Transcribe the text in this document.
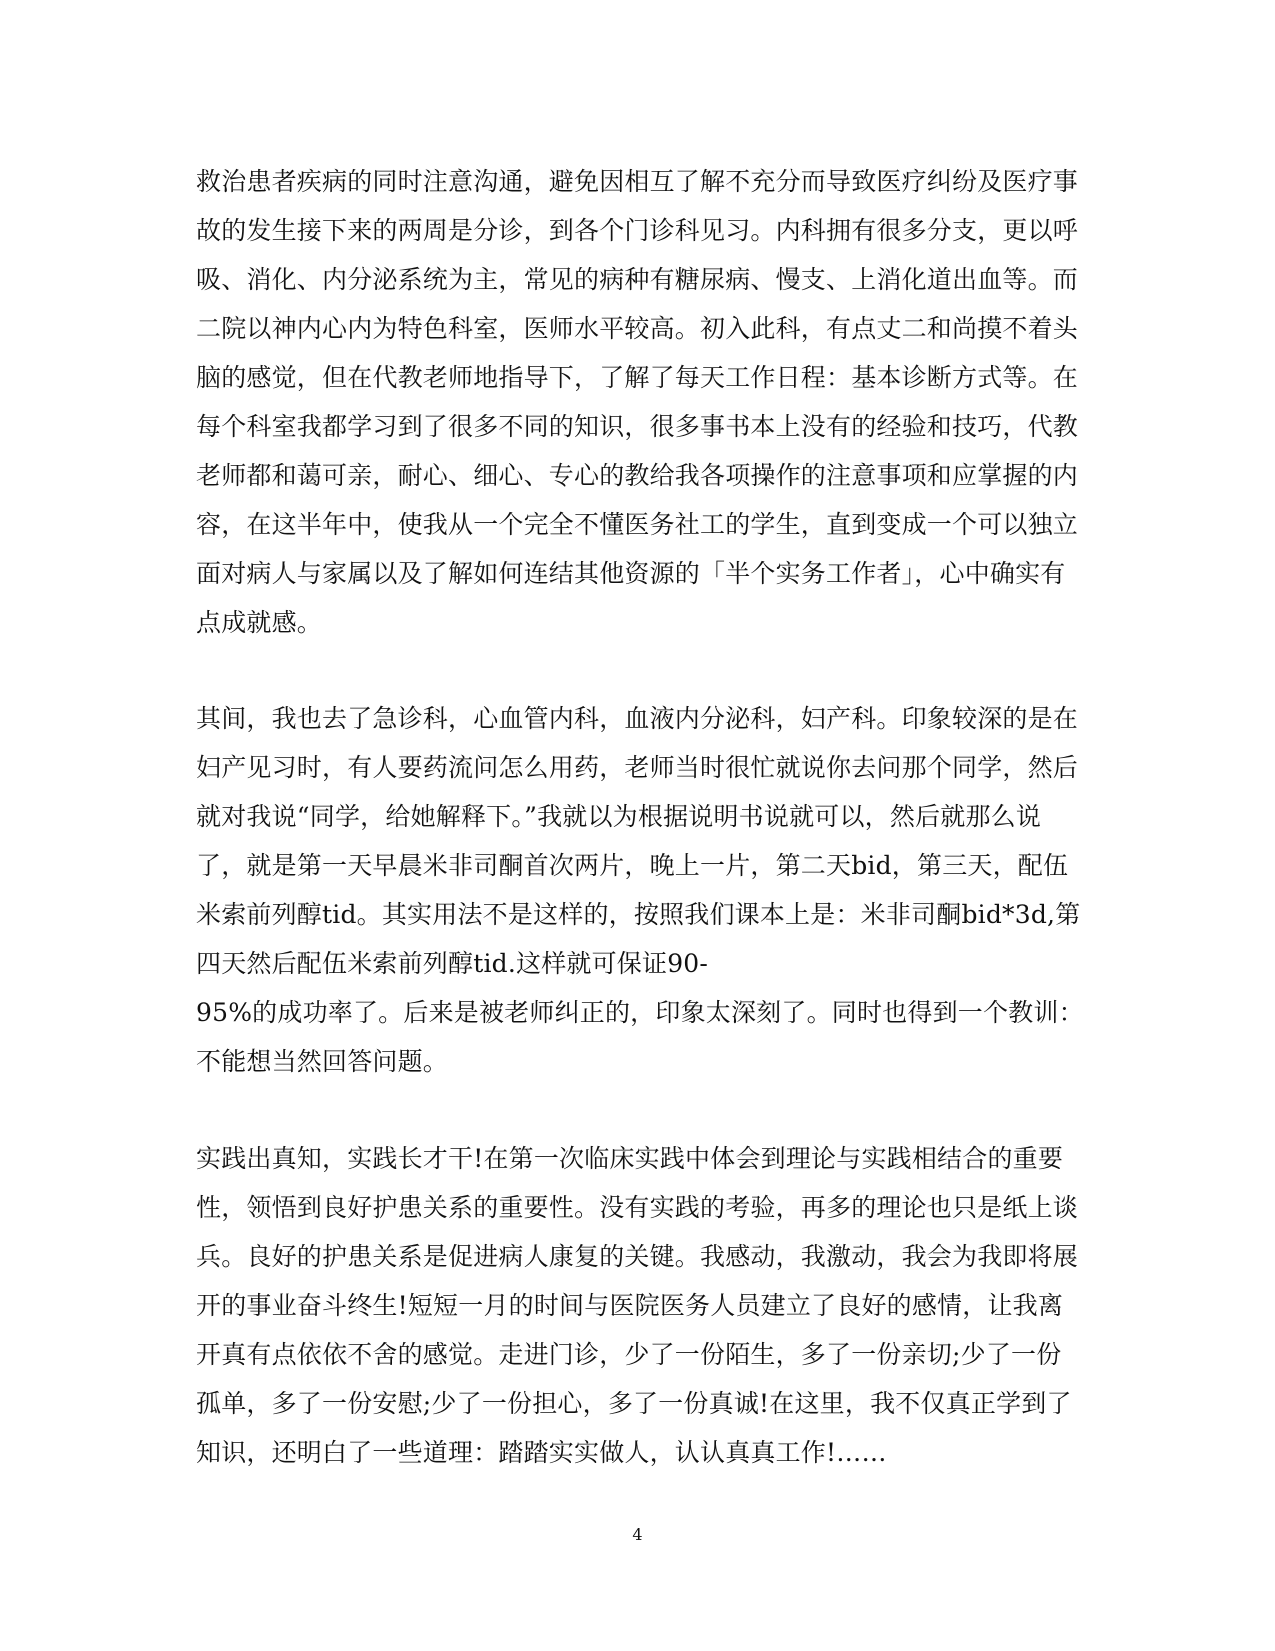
救治患者疾病的同时注意沟通，避免因相互了解不充分而导致医疗纠纷及医疗事
故的发生接下来的两周是分诊，到各个门诊科见习。内科拥有很多分支，更以呼
吸、消化、内分泌系统为主，常见的病种有糖尿病、慢支、上消化道出血等。而
二院以神内心内为特色科室，医师水平较高。初入此科，有点丈二和尚摸不着头
脑的感觉，但在代教老师地指导下，了解了每天工作日程：基本诊断方式等。在
每个科室我都学习到了很多不同的知识，很多事书本上没有的经验和技巧，代教
老师都和蔼可亲，耐心、细心、专心的教给我各项操作的注意事项和应掌握的内
容，在这半年中，使我从一个完全不懂医务社工的学生，直到变成一个可以独立
面对病人与家属以及了解如何连结其他资源的「半个实务工作者」，心中确实有
点成就感。
其间，我也去了急诊科，心血管内科，血液内分泌科，妇产科。印象较深的是在
妇产见习时，有人要药流问怎么用药，老师当时很忙就说你去问那个同学，然后
就对我说“同学，给她解释下。”我就以为根据说明书说就可以，然后就那么说
了，就是第一天早晨米非司酮首次两片，晚上一片，第二天bid，第三天，配伍
米索前列醇tid。其实用法不是这样的，按照我们课本上是：米非司酮bid*3d,第
四天然后配伍米索前列醇tid.这样就可保证90-
95%的成功率了。后来是被老师纠正的，印象太深刻了。同时也得到一个教训：
不能想当然回答问题。
实践出真知，实践长才干!在第一次临床实践中体会到理论与实践相结合的重要
性，领悟到良好护患关系的重要性。没有实践的考验，再多的理论也只是纸上谈
兵。良好的护患关系是促进病人康复的关键。我感动，我激动，我会为我即将展
开的事业奋斗终生!短短一月的时间与医院医务人员建立了良好的感情，让我离
开真有点依依不舍的感觉。走进门诊，少了一份陌生，多了一份亲切;少了一份
孤单，多了一份安慰;少了一份担心，多了一份真诚!在这里，我不仅真正学到了
知识，还明白了一些道理：踏踏实实做人，认认真真工作!……
4
